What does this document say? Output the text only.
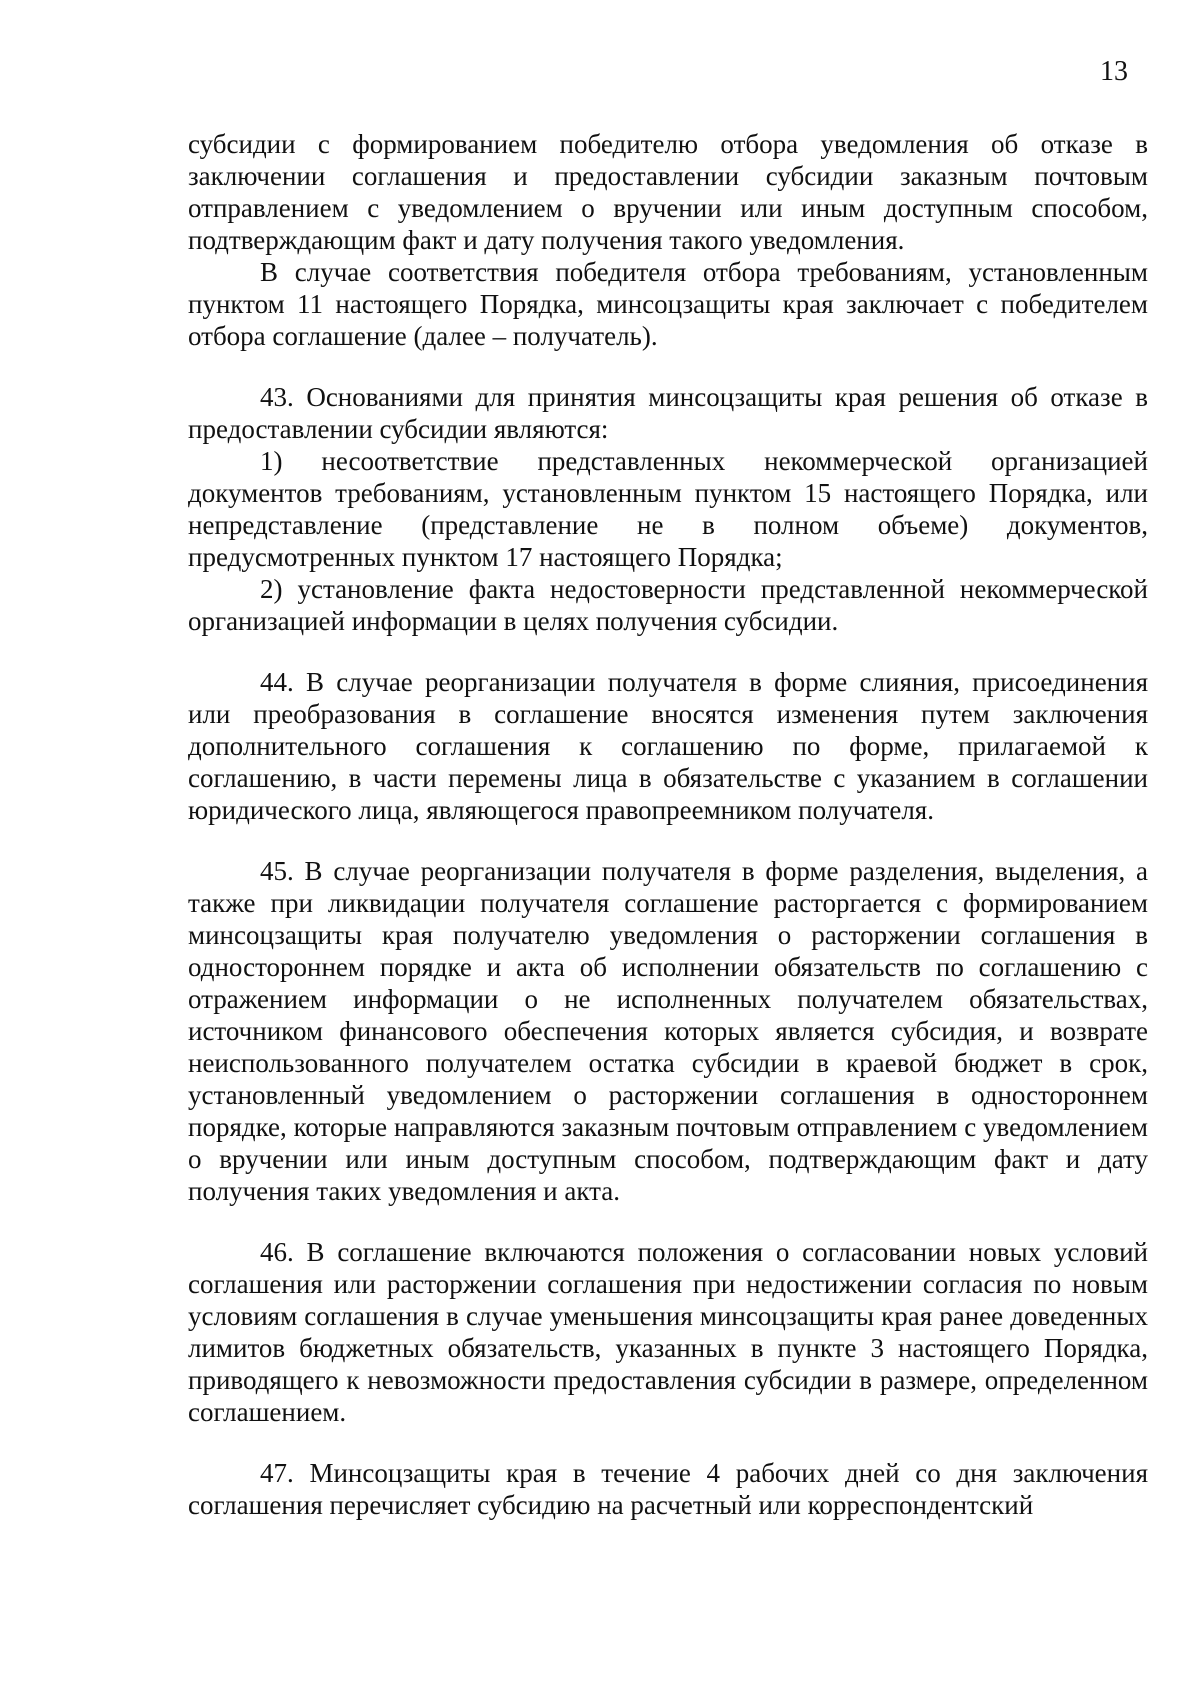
13

субсидии с формированием победителю отбора уведомления об отказе в заключении соглашения и предоставлении субсидии заказным почтовым отправлением с уведомлением о вручении или иным доступным способом, подтверждающим факт и дату получения такого уведомления.

В случае соответствия победителя отбора требованиям, установленным пунктом 11 настоящего Порядка, минсоцзащиты края заключает с победителем отбора соглашение (далее – получатель).

43. Основаниями для принятия минсоцзащиты края решения об отказе в предоставлении субсидии являются:

1) несоответствие представленных некоммерческой организацией документов требованиям, установленным пунктом 15 настоящего Порядка, или непредставление (представление не в полном объеме) документов, предусмотренных пунктом 17 настоящего Порядка;

2) установление факта недостоверности представленной некоммерческой организацией информации в целях получения субсидии.

44. В случае реорганизации получателя в форме слияния, присоединения или преобразования в соглашение вносятся изменения путем заключения дополнительного соглашения к соглашению по форме, прилагаемой к соглашению, в части перемены лица в обязательстве с указанием в соглашении юридического лица, являющегося правопреемником получателя.

45. В случае реорганизации получателя в форме разделения, выделения, а также при ликвидации получателя соглашение расторгается с формированием минсоцзащиты края получателю уведомления о расторжении соглашения в одностороннем порядке и акта об исполнении обязательств по соглашению с отражением информации о не исполненных получателем обязательствах, источником финансового обеспечения которых является субсидия, и возврате неиспользованного получателем остатка субсидии в краевой бюджет в срок, установленный уведомлением о расторжении соглашения в одностороннем порядке, которые направляются заказным почтовым отправлением с уведомлением о вручении или иным доступным способом, подтверждающим факт и дату получения таких уведомления и акта.

46. В соглашение включаются положения о согласовании новых условий соглашения или расторжении соглашения при недостижении согласия по новым условиям соглашения в случае уменьшения минсоцзащиты края ранее доведенных лимитов бюджетных обязательств, указанных в пункте 3 настоящего Порядка, приводящего к невозможности предоставления субсидии в размере, определенном соглашением.

47. Минсоцзащиты края в течение 4 рабочих дней со дня заключения соглашения перечисляет субсидию на расчетный или корреспондентский
